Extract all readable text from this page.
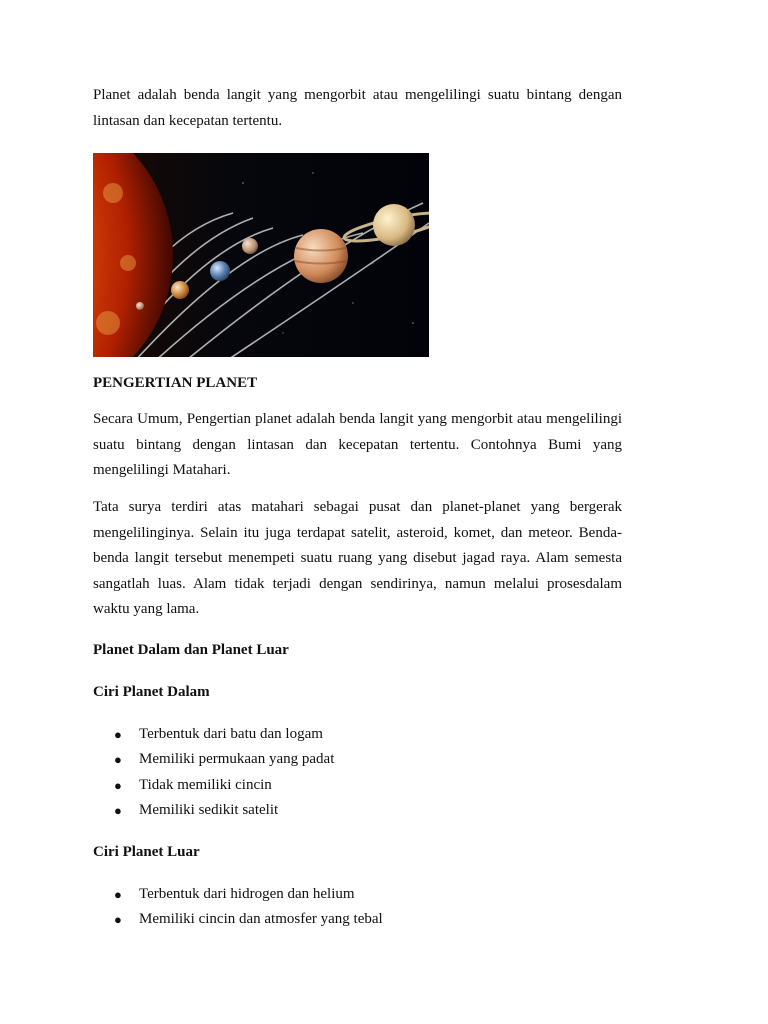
Planet adalah benda langit yang mengorbit atau mengelilingi suatu bintang dengan lintasan dan kecepatan tertentu.

PENGERTIAN PLANET

Secara Umum, Pengertian planet adalah benda langit yang mengorbit atau mengelilingi suatu bintang dengan lintasan dan kecepatan tertentu. Contohnya Bumi yang mengelilingi Matahari.

Tata surya terdiri atas matahari sebagai pusat dan planet-planet yang bergerak mengelilinginya. Selain itu juga terdapat satelit, asteroid, komet, dan meteor. Benda-benda langit tersebut menempeti suatu ruang yang disebut jagad raya. Alam semesta sangatlah luas. Alam tidak terjadi dengan sendirinya, namun melalui prosesdalam waktu yang lama.

Planet Dalam dan Planet Luar
Ciri Planet Dalam
● Terbentuk dari batu dan logam
● Memiliki permukaan yang padat
● Tidak memiliki cincin
● Memiliki sedikit satelit
Ciri Planet Luar
● Terbentuk dari hidrogen dan helium
● Memiliki cincin dan atmosfer yang tebal
